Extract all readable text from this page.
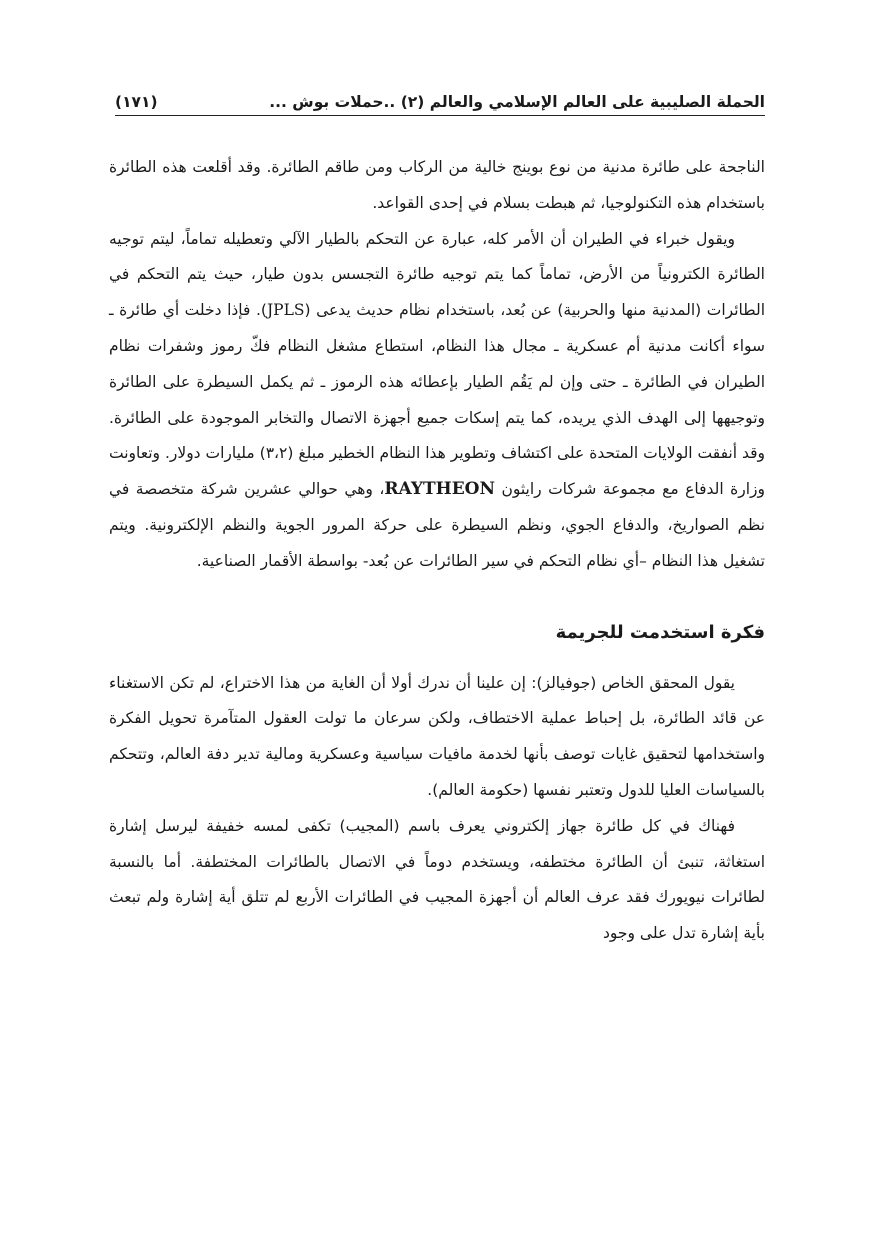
الحملة الصليبية على العالم الإسلامي والعالم (٢) ..حملات بوش ...
(١٧١)

الناجحة على طائرة مدنية من نوع بوينج خالية من الركاب ومن طاقم الطائرة. وقد أقلعت هذه الطائرة باستخدام هذه التكنولوجيا، ثم هبطت بسلام في إحدى القواعد.

ويقول خبراء في الطيران أن الأمر كله، عبارة عن التحكم بالطيار الآلي وتعطيله تماماً، ليتم توجيه الطائرة الكترونياً من الأرض، تماماً كما يتم توجيه طائرة التجسس بدون طيار، حيث يتم التحكم في الطائرات (المدنية منها والحربية) عن بُعد، باستخدام نظام حديث يدعى (JPLS). فإذا دخلت أي طائرة ـ سواء أكانت مدنية أم عسكرية ـ مجال هذا النظام، استطاع مشغل النظام فكّ رموز وشفرات نظام الطيران في الطائرة ـ حتى وإن لم يَقُم الطيار بإعطائه هذه الرموز ـ ثم يكمل السيطرة على الطائرة وتوجيهها إلى الهدف الذي يريده، كما يتم إسكات جميع أجهزة الاتصال والتخابر الموجودة على الطائرة. وقد أنفقت الولايات المتحدة على اكتشاف وتطوير هذا النظام الخطير مبلغ (٣،٢) مليارات دولار. وتعاونت وزارة الدفاع مع مجموعة شركات رايثون RAYTHEON، وهي حوالي عشرين شركة متخصصة في نظم الصواريخ، والدفاع الجوي، ونظم السيطرة على حركة المرور الجوية والنظم الإلكترونية. ويتم تشغيل هذا النظام –أي نظام التحكم في سير الطائرات عن بُعد- بواسطة الأقمار الصناعية.

فكرة استخدمت للجريمة

يقول المحقق الخاص (جوفيالز): إن علينا أن ندرك أولا أن الغاية من هذا الاختراع، لم تكن الاستغناء عن قائد الطائرة، بل إحباط عملية الاختطاف، ولكن سرعان ما تولت العقول المتآمرة تحويل الفكرة واستخدامها لتحقيق غايات توصف بأنها لخدمة مافيات سياسية وعسكرية ومالية تدير دفة العالم، وتتحكم بالسياسات العليا للدول وتعتبر نفسها (حكومة العالم).

فهناك في كل طائرة جهاز إلكتروني يعرف باسم (المجيب) تكفى لمسه خفيفة ليرسل إشارة استغاثة، تنبئ أن الطائرة مختطفه، ويستخدم دوماً في الاتصال بالطائرات المختطفة. أما بالنسبة لطائرات نيويورك فقد عرف العالم أن أجهزة المجيب في الطائرات الأربع لم تتلق أية إشارة ولم تبعث بأية إشارة تدل على وجود
